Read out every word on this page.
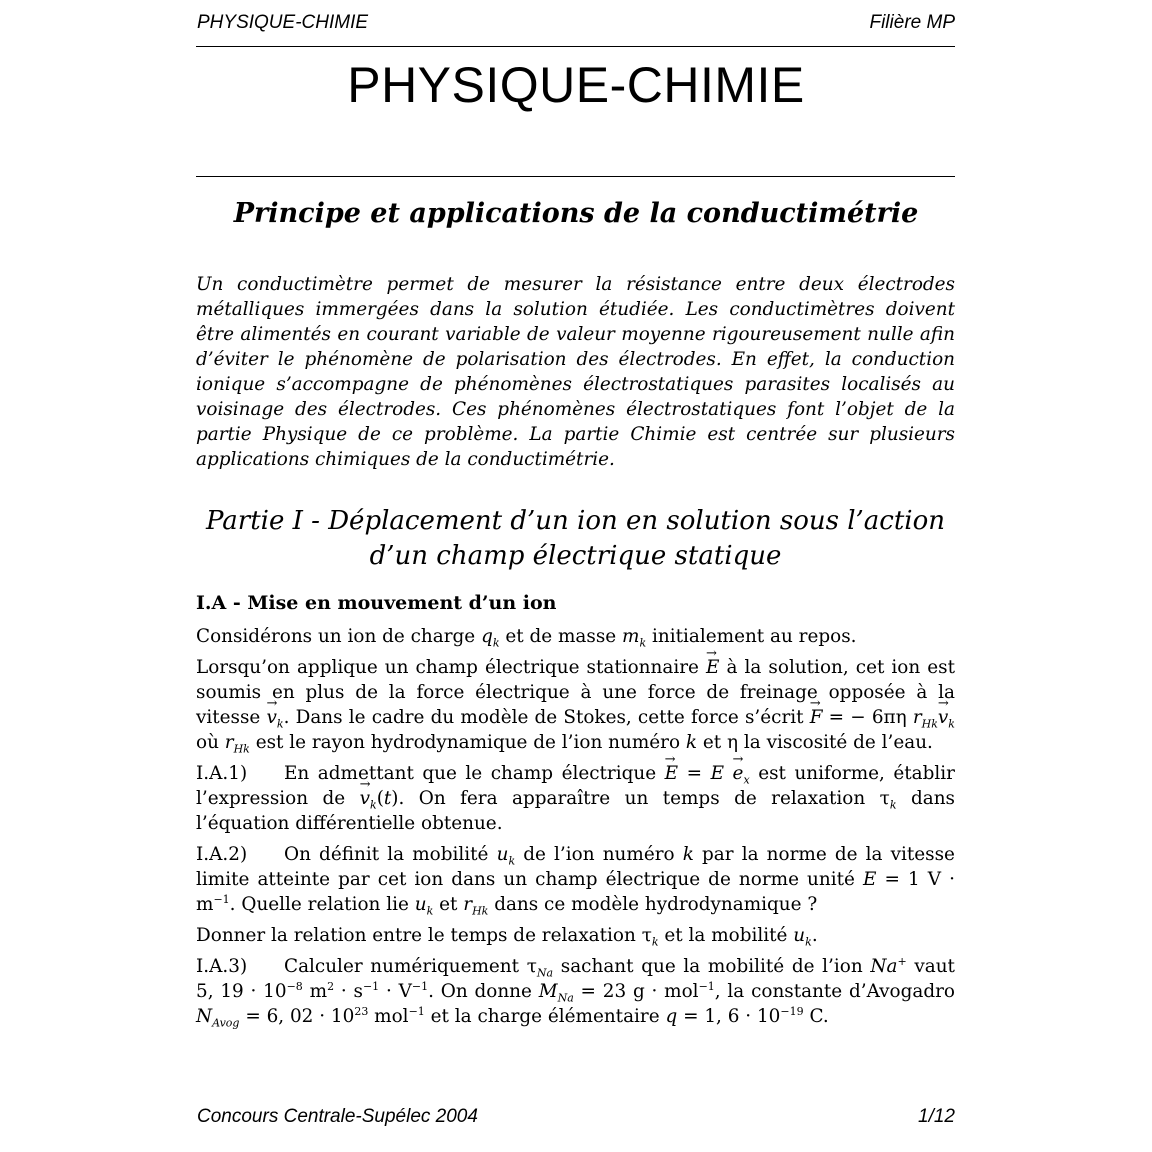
PHYSIQUE-CHIMIE	Filière MP
PHYSIQUE-CHIMIE
Principe et applications de la conductimétrie
Un conductimètre permet de mesurer la résistance entre deux électrodes métalliques immergées dans la solution étudiée. Les conductimètres doivent être alimentés en courant variable de valeur moyenne rigoureusement nulle afin d’éviter le phénomène de polarisation des électrodes. En effet, la conduction ionique s’accompagne de phénomènes électrostatiques parasites localisés au voisinage des électrodes. Ces phénomènes électrostatiques font l’objet de la partie Physique de ce problème. La partie Chimie est centrée sur plusieurs applications chimiques de la conductimétrie.
Partie I - Déplacement d’un ion en solution sous l’action
d’un champ électrique statique
I.A - Mise en mouvement d’un ion

Considérons un ion de charge $q_k$ et de masse $m_k$ initialement au repos.

Lorsqu’on applique un champ électrique stationnaire → E à la solution, cet ion est soumis en plus de la force électrique à une force de freinage opposée à la vitesse → $v_k$. Dans le cadre du modèle de Stokes, cette force s’écrit → F = − 6πη $r_{Hk}\to v_k$ où $r_{Hk}$ est le rayon hydrodynamique de l’ion numéro k et η la viscosité de l’eau.

I.A.1) En admettant que le champ électrique → $E = E \to e_x$ est uniforme, établir l’expression de → $v_k(t)$. On fera apparaître un temps de relaxation $\tau_k$ dans l’équation différentielle obtenue.

I.A.2) On définit la mobilité $u_k$ de l’ion numéro k par la norme de la vitesse limite atteinte par cet ion dans un champ électrique de norme unité E = 1 $V \cdot m^{-1}$. Quelle relation lie $u_k$ et $r_{Hk}$ dans ce modèle hydrodynamique ?

Donner la relation entre le temps de relaxation $\tau_k$ et la mobilité $u_k$.

I.A.3) Calculer numériquement $\tau_{Na}$ sachant que la mobilité de l’ion Na+ vaut 5, $19 \cdot 10^{-8}$ $m^2 \cdot s^{-1} \cdot V^{-1}$. On donne $M_{Na} = 23$ g · mol$^{-1}$, la constante d’Avogadro $N_{Avog} = 6$, $02 \cdot 10^{23}$ mol$^{-1}$ et la charge élémentaire q = 1, $6 \cdot 10^{-19}$ C.

Concours Centrale-Supélec 2004	1/12
